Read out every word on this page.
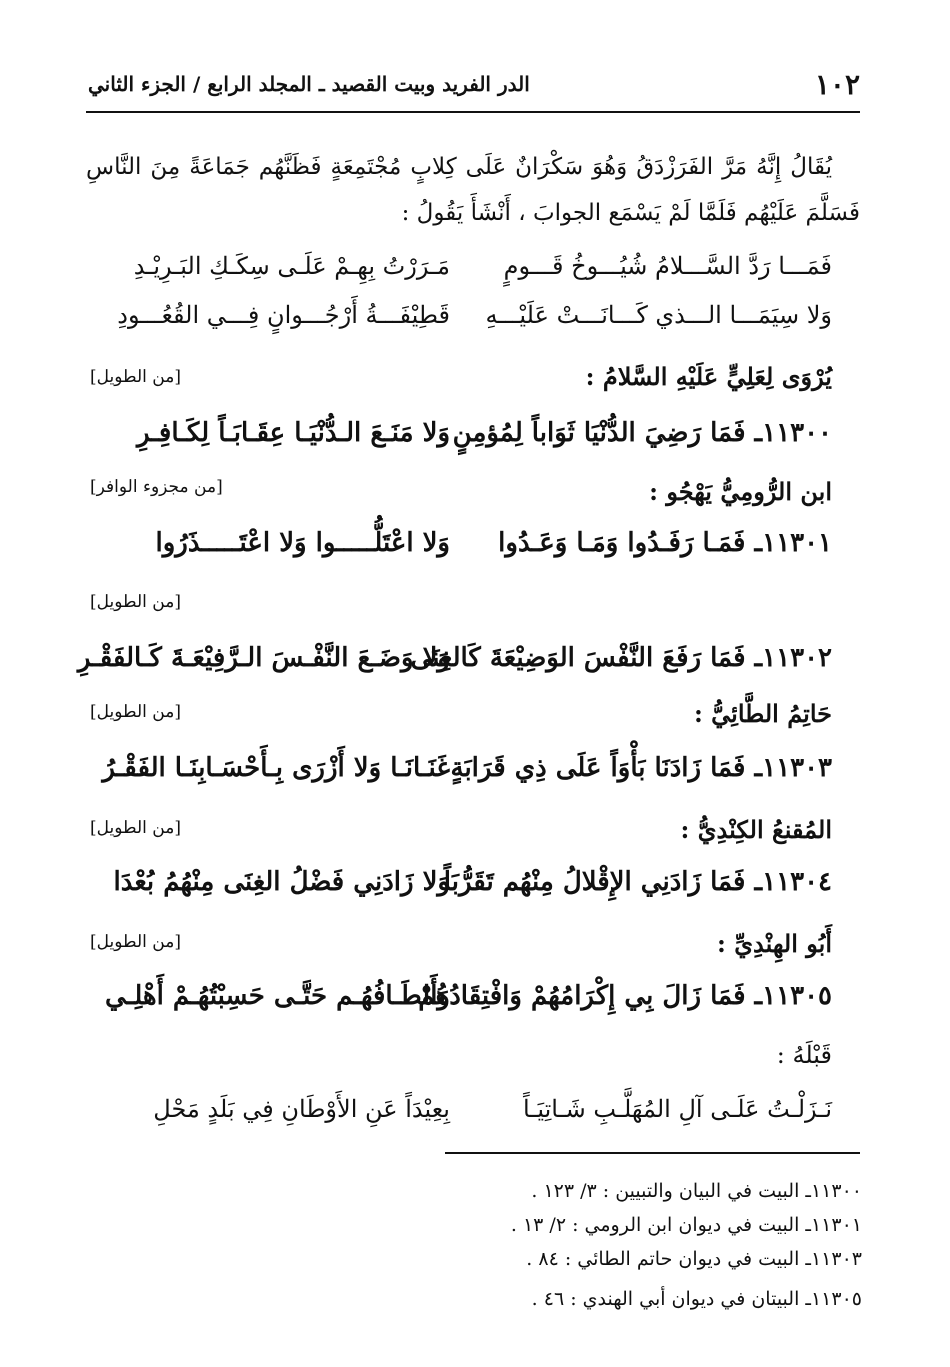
١٠٢
الدر الفريد وبيت القصيد ـ المجلد الرابع / الجزء الثاني
يُقَالُ إِنَّهُ مَرَّ الفَرَزْدَقُ وَهُوَ سَكْرَانٌ عَلَى كِلابٍ مُجْتَمِعَةٍ فَظَنَّهُم جَمَاعَةً مِنَ النَّاسِ فَسَلَّمَ عَلَيْهُم فَلَمَّا لَمْ يَسْمَع الجوابَ ، أَنْشَأَ يَقُولُ :
فَمَـــا رَدَّ السَّـــلامُ شُيُـــوخُ قَـــومٍ
مَـرَرْتُ بِهِـمْ عَلَـى سِكَـكِ البَـرِيْـدِ
وَلا سِيَمَـــا الـــذي كَـــانَـــتْ عَلَيْـــهِ
قَطِيْفَـــةُ أَرْجُـــوانٍ فِـــي القُعُـــودِ
يُرْوَى لِعَلِيٍّ عَلَيْهِ السَّلامُ :
[من الطويل]
١١٣٠٠ـ فَمَا رَضِيَ الدُّنْيَا ثَوَاباً لِمُؤمِنٍ
وَلا مَنَـعَ الـدُّنْيَـا عِقَـابَـاً لِكَـافِـرِ
ابن الرُّومِيُّ يَهْجُو :
[من مجزوء الوافر]
١١٣٠١ـ فَمَـا رَفَـدُوا وَمَـا وَعَـدُوا
وَلا اعْتَلُّـــــوا وَلا اعْتَـــــذَرُوا
[من الطويل]
١١٣٠٢ـ فَمَا رَفَعَ النَّفْسَ الوَضِيْعَةَ كَالغِنَى
وَلا وَضَـعَ النَّفْـسَ الـرَّفِيْعَـةَ كَـالفَقْـرِ
حَاتِمُ الطَّائِيُّ :
[من الطويل]
١١٣٠٣ـ فَمَا زَادَنَا بَأْوَاً عَلَى ذِي قَرَابَةٍ
غَنَـانَـا وَلا أَزْرَى بِـأَحْسَـابِنَـا الفَقْـرُ
المُقنعُ الكِنْدِيُّ :
[من الطويل]
١١٣٠٤ـ فَمَا زَادَنِي الإِقْلالُ مِنْهُم تَقَرُّبَاً
وَلا زَادَنِي فَضْلُ الغِنَى مِنْهُمُ بُعْدَا
أَبُو الهِنْدِيِّ :
[من الطويل]
١١٣٠٥ـ فَمَا زَالَ بِي إِكْرَامُهُمْ وَافْتِقَادُهُمْ
وَأَلطَـافُهُـم حَتَّـى حَسِبْتُهُـمْ أَهْلِـي
قَبْلَهُ :
نَـزَلْـتُ عَلَـى آلِ المُهَلَّـبِ شَـاتِيَـاً
بِعِيْدَاً عَنِ الأَوْطَانِ فِي بَلَدٍ مَحْلِ
١١٣٠٠ـ البيت في البيان والتبيين : ٣/ ١٢٣ .
١١٣٠١ـ البيت في ديوان ابن الرومي : ٢/ ١٣ .
١١٣٠٣ـ البيت في ديوان حاتم الطائي : ٨٤ .
١١٣٠٥ـ البيتان في ديوان أبي الهندي : ٤٦ .
